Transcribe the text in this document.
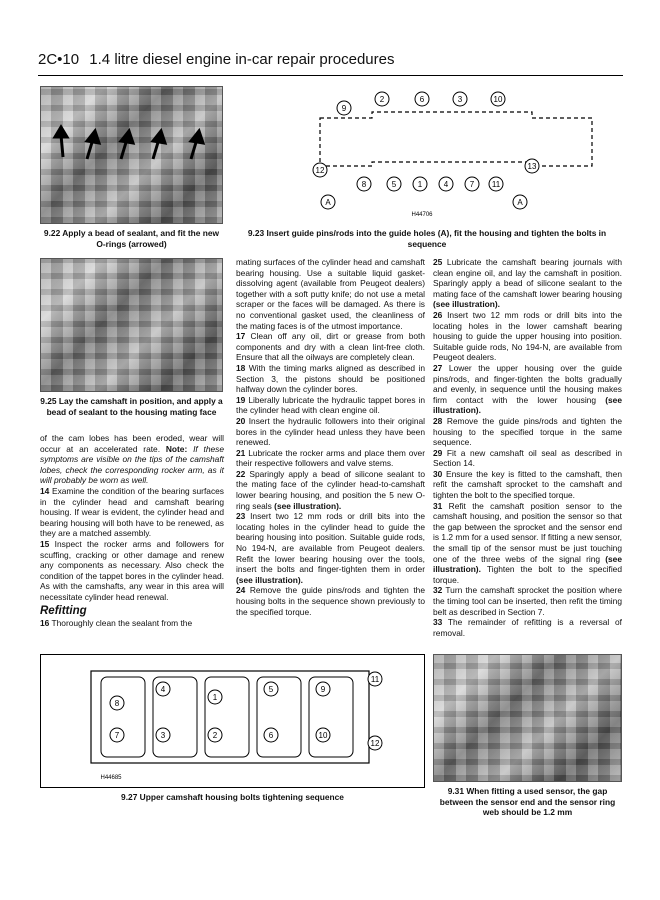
2C•10 1.4 litre diesel engine in-car repair procedures
9.22 Apply a bead of sealant, and fit the new O-rings (arrowed)
9
2	6	3	10
8	5	1	4	7 11
12	13
A	A
H44706
9.23 Insert guide pins/rods into the guide holes (A), fit the housing and tighten the bolts in sequence
9.25 Lay the camshaft in position, and apply a bead of sealant to the housing mating face

of the cam lobes has been eroded, wear will occur at an accelerated rate. Note: If these symptoms are visible on the tips of the camshaft lobes, check the corresponding rocker arm, as it will probably be worn as well.

14 Examine the condition of the bearing surfaces in the cylinder head and camshaft bearing housing. If wear is evident, the cylinder head and bearing housing will both have to be renewed, as they are a matched assembly.

15 Inspect the rocker arms and followers for scuffing, cracking or other damage and renew any components as necessary. Also check the condition of the tappet bores in the cylinder head. As with the camshafts, any wear in this area will necessitate cylinder head renewal.

Refitting

16 Thoroughly clean the sealant from the

mating surfaces of the cylinder head and camshaft bearing housing. Use a suitable liquid gasket-dissolving agent (available from Peugeot dealers) together with a soft putty knife; do not use a metal scraper or the faces will be damaged. As there is no conventional gasket used, the cleanliness of the mating faces is of the utmost importance.

17 Clean off any oil, dirt or grease from both components and dry with a clean lint-free cloth. Ensure that all the oilways are completely clean.

18 With the timing marks aligned as described in Section 3, the pistons should be positioned halfway down the cylinder bores.

19 Liberally lubricate the hydraulic tappet bores in the cylinder head with clean engine oil.

20 Insert the hydraulic followers into their original bores in the cylinder head unless they have been renewed.

21 Lubricate the rocker arms and place them over their respective followers and valve stems.

22 Sparingly apply a bead of silicone sealant to the mating face of the cylinder head-to-camshaft lower bearing housing, and position the 5 new O-ring seals (see illustration).

23 Insert two 12 mm rods or drill bits into the locating holes in the cylinder head to guide the bearing housing into position. Suitable guide rods, No 194-N, are available from Peugeot dealers. Refit the lower bearing housing over the tools, insert the bolts and finger-tighten them in order (see illustration).

24 Remove the guide pins/rods and tighten the housing bolts in the sequence shown previously to the specified torque.

25 Lubricate the camshaft bearing journals with clean engine oil, and lay the camshaft in position. Sparingly apply a bead of silicone sealant to the mating face of the camshaft lower bearing housing (see illustration).

26 Insert two 12 mm rods or drill bits into the locating holes in the lower camshaft bearing housing to guide the upper housing into position. Suitable guide rods, No 194-N, are available from Peugeot dealers.

27 Lower the upper housing over the guide pins/rods, and finger-tighten the bolts gradually and evenly, in sequence until the housing makes firm contact with the lower housing (see illustration).

28 Remove the guide pins/rods and tighten the housing to the specified torque in the same sequence.

29 Fit a new camshaft oil seal as described in Section 14.

30 Ensure the key is fitted to the camshaft, then refit the camshaft sprocket to the camshaft and tighten the bolt to the specified torque.

31 Refit the camshaft position sensor to the camshaft housing, and position the sensor so that the gap between the sprocket and the sensor end is 1.2 mm for a used sensor. If fitting a new sensor, the small tip of the sensor must be just touching one of the three webs of the signal ring (see illustration). Tighten the bolt to the specified torque.

32 Turn the camshaft sprocket the position where the timing tool can be inserted, then refit the timing belt as described in Section 7.

33 The remainder of refitting is a reversal of removal.

4
1
5	9
11
8
7	3	2	6	10
12
H44685
9.27 Upper camshaft housing bolts tightening sequence
9.31 When fitting a used sensor, the gap between the sensor end and the sensor ring web should be 1.2 mm
